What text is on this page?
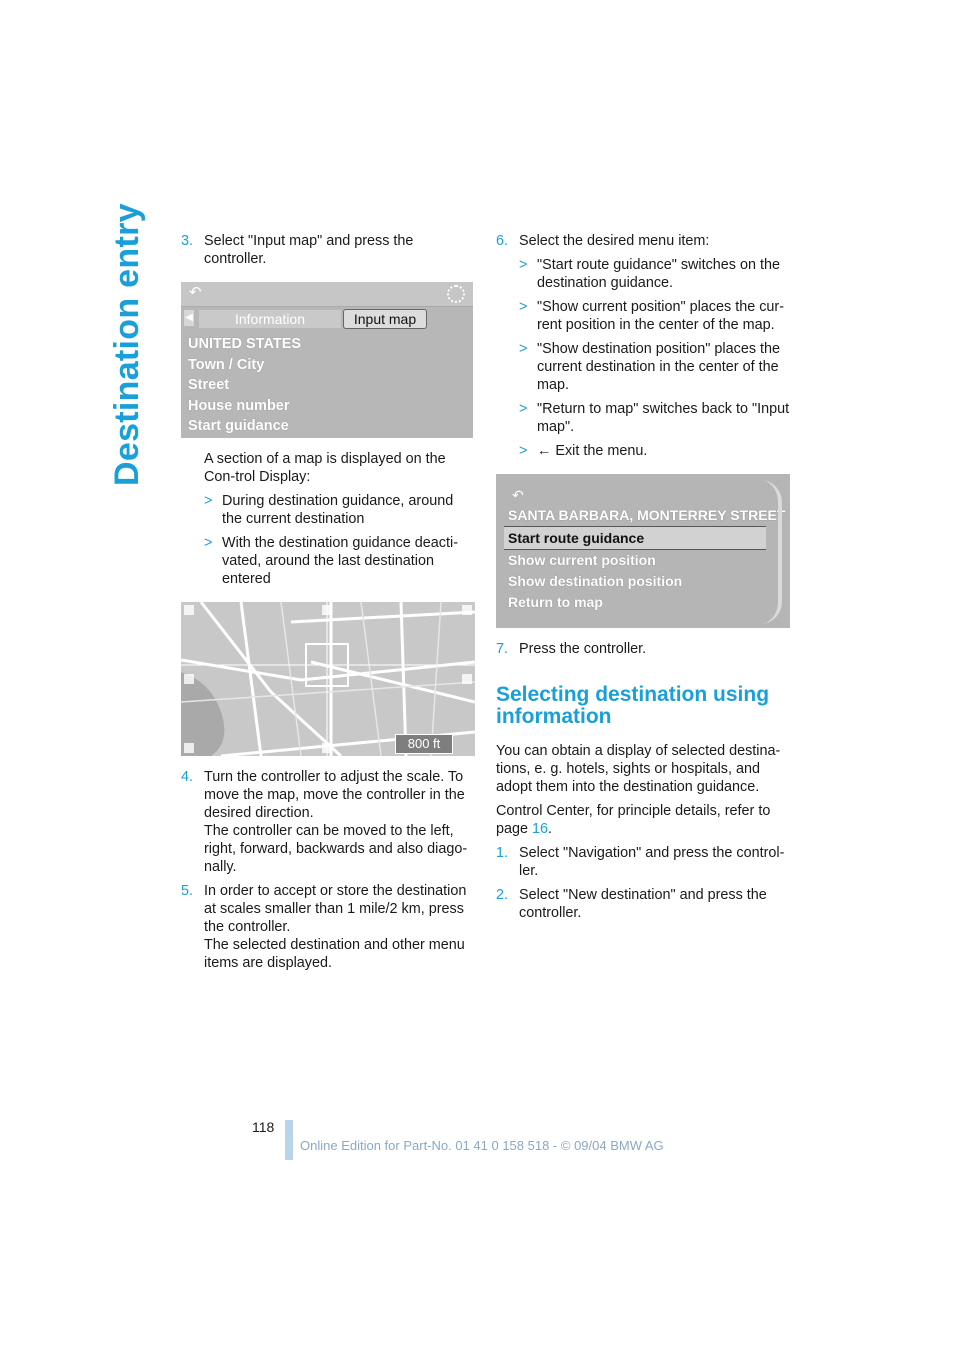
Destination entry 3. Select "Input map" and press the controller.
↶
◀	Information	Input map
UNITED STATES
Town / City
Street
House number
Start guidance
A section of a map is displayed on the Con-trol Display:
> During destination guidance, around the current destination
> With the destination guidance deacti-vated, around the last destination entered
800 ft
4. Turn the controller to adjust the scale. To move the map, move the controller in the desired direction.
The controller can be moved to the left, right, forward, backwards and also diago-nally.
5. In order to accept or store the destination at scales smaller than 1 mile/2 km, press the controller.
The selected destination and other menu items are displayed.
6. Select the desired menu item:
> "Start route guidance" switches on the destination guidance.
> "Show current position" places the cur-rent position in the center of the map.
> "Show destination position" places the current destination in the center of the map.
> "Return to map" switches back to "Input map".
> ← Exit the menu.
↶
SANTA BARBARA, MONTERREY STREET
Start route guidance
Show current position
Show destination position
Return to map
7. Press the controller.
Selecting destination using information
You can obtain a display of selected destina-tions, e. g. hotels, sights or hospitals, and adopt them into the destination guidance.
Control Center, for principle details, refer to page 16.
1. Select "Navigation" and press the control-ler.
2. Select "New destination" and press the controller.
118
Online Edition for Part-No. 01 41 0 158 518 - © 09/04 BMW AG
